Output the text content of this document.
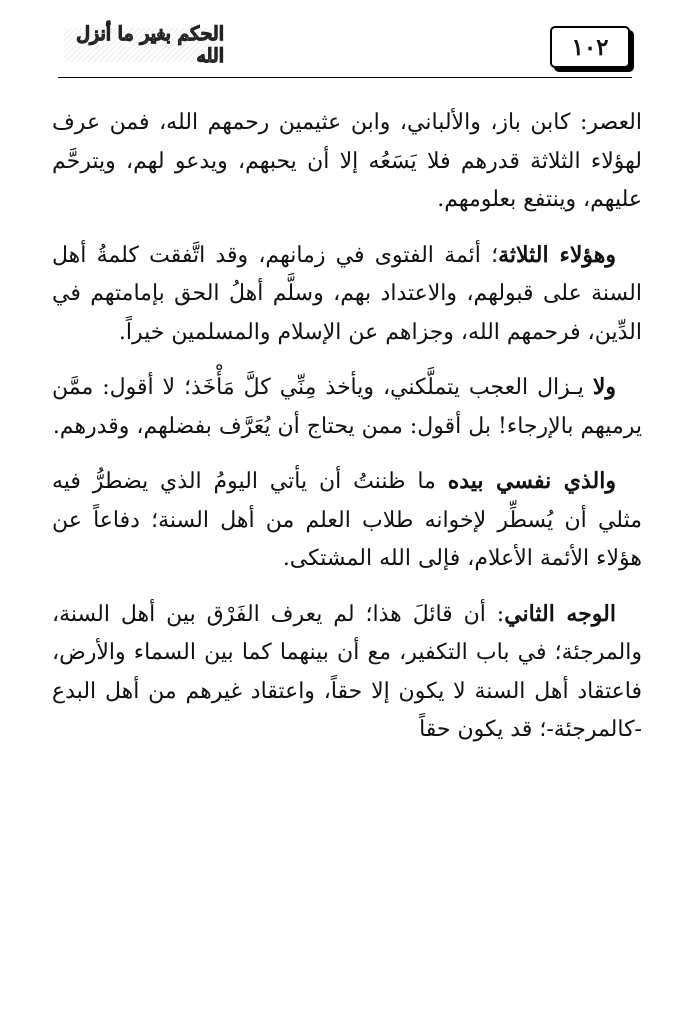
الحكم بغير ما أنزل الله	١٠٢

العصر: كابن باز، والألباني، وابن عثيمين رحمهم الله، فمن عرف لهؤلاء الثلاثة قدرهم فلا يَسَعُه إلا أن يحبهم، ويدعو لهم، ويترحَّم عليهم، وينتفع بعلومهم.

وهؤلاء الثلاثة؛ أئمة الفتوى في زمانهم، وقد اتَّفقت كلمةُ أهل السنة على قبولهم، والاعتداد بهم، وسلَّم أهلُ الحق بإمامتهم في الدِّين، فرحمهم الله، وجزاهم عن الإسلام والمسلمين خيراً.

ولا يـزال العجب يتملَّكني، ويأخذ مِنِّي كلَّ مَأْخَذ؛ لا أقول: ممَّن يرميهم بالإرجاء! بل أقول: ممن يحتاج أن يُعَرَّف بفضلهم، وقدرهم.

والذي نفسي بيده ما ظننتُ أن يأتي اليومُ الذي يضطرُّ فيه مثلي أن يُسطِّر لإخوانه طلاب العلم من أهل السنة؛ دفاعاً عن هؤلاء الأئمة الأعلام، فإلى الله المشتكى.

الوجه الثاني: أن قائلَ هذا؛ لم يعرف الفَرْق بين أهل السنة، والمرجئة؛ في باب التكفير، مع أن بينهما كما بين السماء والأرض، فاعتقاد أهل السنة لا يكون إلا حقاً، واعتقاد غيرهم من أهل البدع -كالمرجئة-؛ قد يكون حقاً
